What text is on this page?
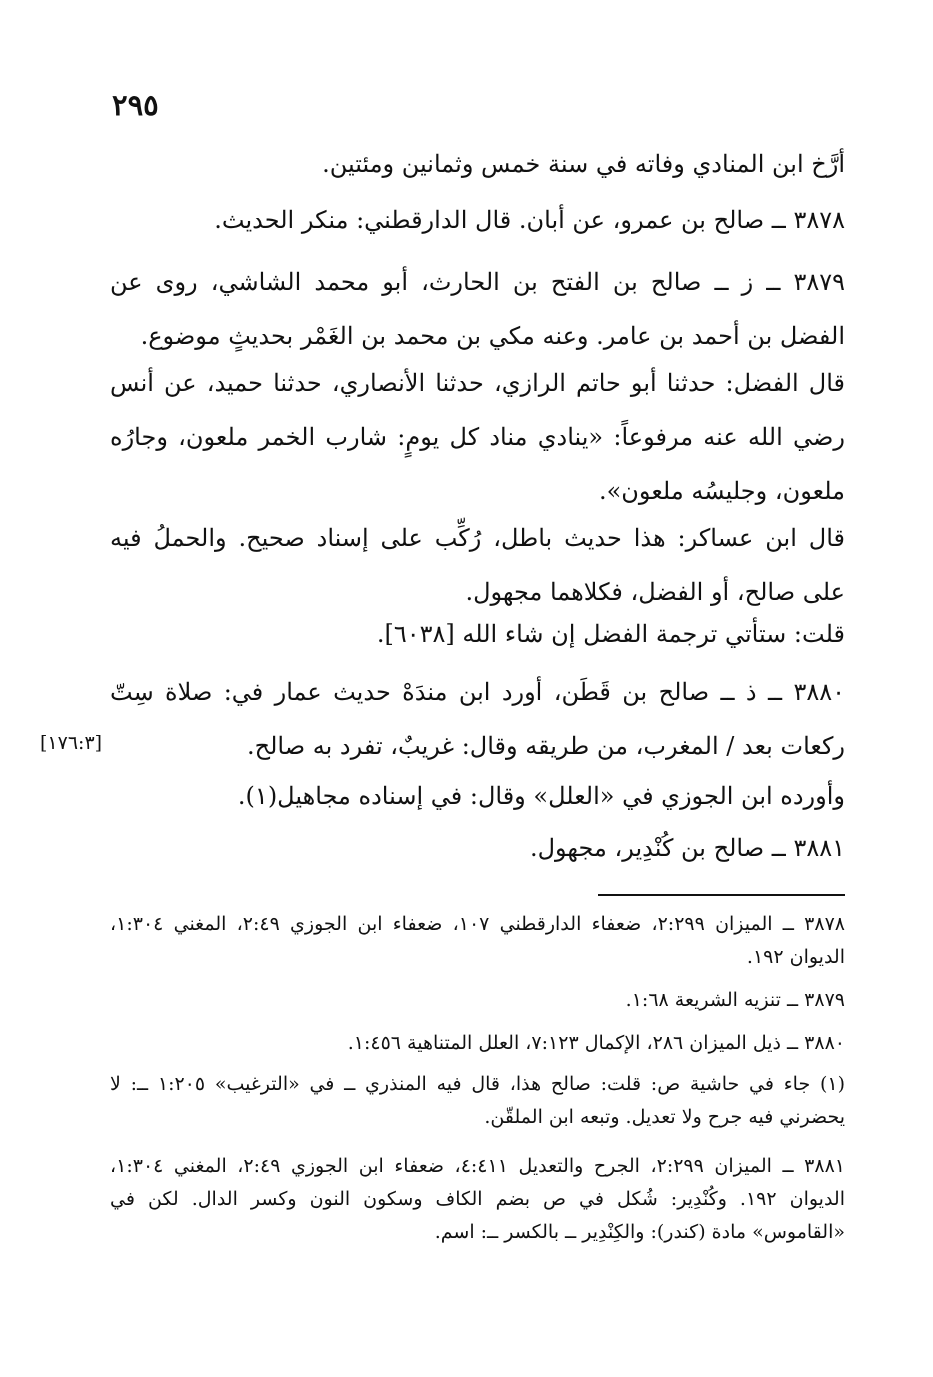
٢٩٥
أرَّخ ابن المنادي وفاته في سنة خمس وثمانين ومئتين.
٣٨٧٨ ــ صالح بن عمرو، عن أبان. قال الدارقطني: منكر الحديث.
٣٨٧٩ ــ ز ــ صالح بن الفتح بن الحارث، أبو محمد الشاشي، روى عن الفضل بن أحمد بن عامر. وعنه مكي بن محمد بن الغَمْر بحديثٍ موضوع.
قال الفضل: حدثنا أبو حاتم الرازي، حدثنا الأنصاري، حدثنا حميد، عن أنس رضي الله عنه مرفوعاً: «ينادي مناد كل يومٍ: شارب الخمر ملعون، وجارُه ملعون، وجليسُه ملعون».
قال ابن عساكر: هذا حديث باطل، رُكِّب على إسناد صحيح. والحملُ فيه على صالح، أو الفضل، فكلاهما مجهول.
قلت: ستأتي ترجمة الفضل إن شاء الله [٦٠٣٨].
٣٨٨٠ ــ ذ ــ صالح بن قَطَن، أورد ابن مندَهْ حديث عمار في: صلاة سِتّ ركعات بعد / المغرب، من طريقه وقال: غريبٌ، تفرد به صالح.
[١٧٦:٣]
وأورده ابن الجوزي في «العلل» وقال: في إسناده مجاهيل(١).
٣٨٨١ ــ صالح بن كُنْدِير، مجهول.
٣٨٧٨ ــ الميزان ٢:٢٩٩، ضعفاء الدارقطني ١٠٧، ضعفاء ابن الجوزي ٢:٤٩، المغني ١:٣٠٤، الديوان ١٩٢.
٣٨٧٩ ــ تنزيه الشريعة ١:٦٨.
٣٨٨٠ ــ ذيل الميزان ٢٨٦، الإكمال ٧:١٢٣، العلل المتناهية ١:٤٥٦.
(١) جاء في حاشية ص: قلت: صالح هذا، قال فيه المنذري ــ في «الترغيب» ١:٢٠٥ ــ: لا يحضرني فيه جرح ولا تعديل. وتبعه ابن الملقّن.
٣٨٨١ ــ الميزان ٢:٢٩٩، الجرح والتعديل ٤:٤١١، ضعفاء ابن الجوزي ٢:٤٩، المغني ١:٣٠٤، الديوان ١٩٢. وكُنْدِير: شُكل في ص بضم الكاف وسكون النون وكسر الدال. لكن في «القاموس» مادة (كندر): والكِنْدِير ــ بالكسر ــ: اسم.
